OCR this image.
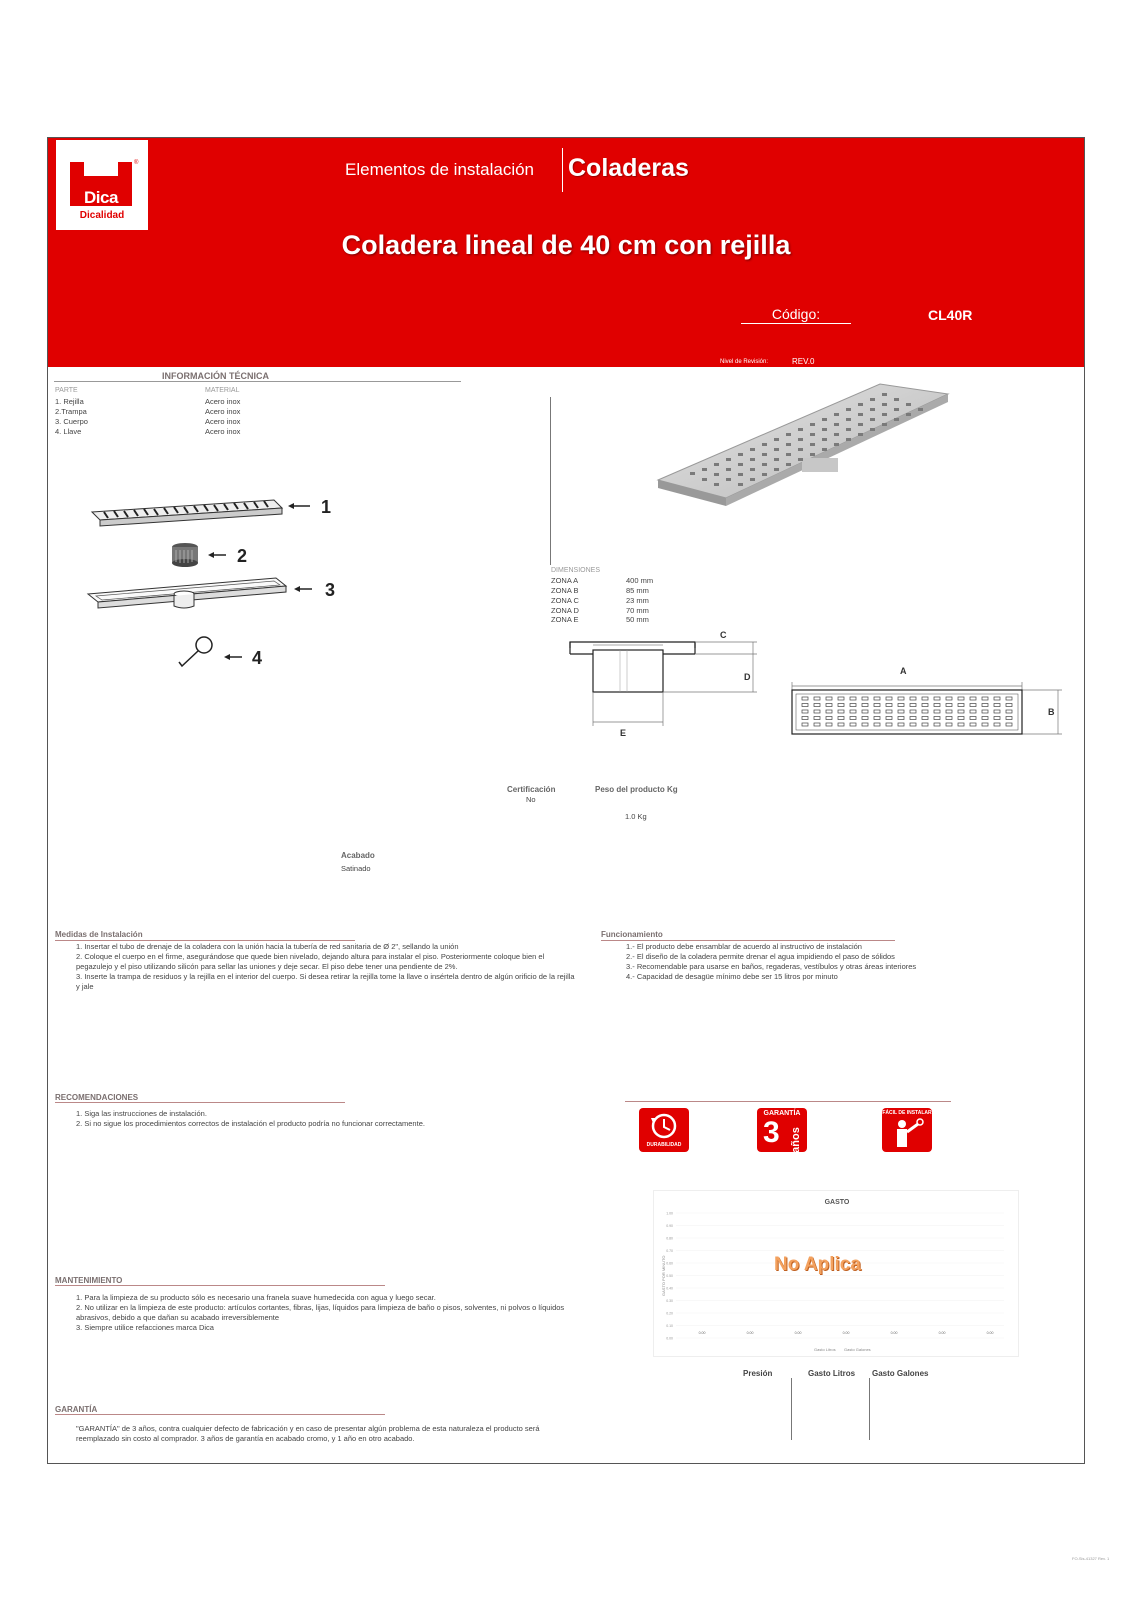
Dica
®
Dicalidad
Elementos de instalación Coladeras
Coladera lineal de 40 cm con rejilla
Código:	CL40R
Nivel de Revisión:	REV.0
INFORMACIÓN TÉCNICA
PARTE	MATERIAL
1. Rejilla	Acero inox
2.Trampa	Acero inox
3. Cuerpo	Acero inox
4. Llave	Acero inox
1
2
3
4
DIMENSIONES
ZONA A	400 mm
ZONA B	85 mm
ZONA C	23 mm
ZONA D	70 mm
ZONA E	50 mm
C
D
E
A
B
Certificación
No
Peso del producto Kg
1.0 Kg
Acabado
Satinado
Medidas de Instalación
1. Insertar el tubo de drenaje de la coladera con la unión hacia la tubería de red sanitaria de Ø 2", sellando la unión
2. Coloque el cuerpo en el firme, asegurándose que quede bien nivelado, dejando altura para instalar el piso. Posteriormente coloque bien el pegazulejo y el piso utilizando silicón para sellar las uniones y deje secar. El piso debe tener una pendiente de 2%.
3. Inserte la trampa de residuos y la rejilla en el interior del cuerpo. Si desea retirar la rejilla tome la llave o insértela dentro de algún orificio de la rejilla y jale
Funcionamiento
1.- El producto debe ensamblar de acuerdo al instructivo de instalación
2.- El diseño de la coladera permite drenar el agua impidiendo el paso de sólidos
3.- Recomendable para usarse en baños, regaderas, vestíbulos y otras áreas interiores
4.- Capacidad de desagüe mínimo debe ser 15 litros por minuto
RECOMENDACIONES
1. Siga las instrucciones de instalación.
2. Si no sigue los procedimientos correctos de instalación el producto podría no funcionar correctamente.
DURABILIDAD
GARANTÍA
3 años
FÁCIL DE INSTALAR
GASTO
1.00
0.90
0.80
0.70
0.60
0.50
0.40
0.30
0.20
0.10
0.00
0.00	0.00	0.00	0.00	0.00	0.00	0.00
GASTO POR MINUTO	No Aplica
Gasto Litros Gasto Galones
MANTENIMIENTO
1. Para la limpieza de su producto sólo es necesario una franela suave humedecida con agua y luego secar.
2. No utilizar en la limpieza de este producto: artículos cortantes, fibras, lijas, líquidos para limpieza de baño o pisos, solventes, ni polvos o líquidos abrasivos, debido a que dañan su acabado irreversiblemente
3. Siempre utilice refacciones marca Dica
Presión	Gasto Litros Gasto Galones
GARANTÍA
"GARANTÍA" de 3 años, contra cualquier defecto de fabricación y en caso de presentar algún problema de esta naturaleza el producto será reemplazado sin costo al comprador. 3 años de garantía en acabado cromo, y 1 año en otro acabado.
FO-Sis-41327 Rev. 1
